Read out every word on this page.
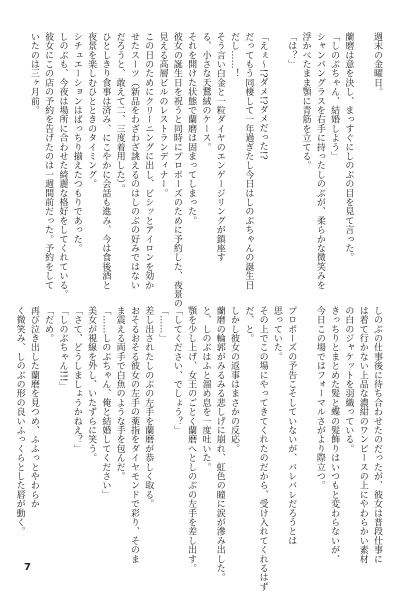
週末の金曜日。

蘭磨は意を決し、まっすぐにしのぶの目を見て言った。

「しのぶちゃん、結婚しよう」

シャンパングラスを右手に持ったしのぶが、柔らかな微笑みを

浮かべたまま顎に青筋を立てる。

「は？」

「えぇ～!?ダメ!?ダメだった!?

だってもう同棲して一年過ぎたし今日はしのぶちゃんの誕生日

だし……！

そう言い白金と一粒ダイヤのエンゲージリングが鎮座す

る、小さな天鵞絨のケース。

それを開けた状態で蘭磨は固まってしまった。

彼女の誕生日を祝うと同時にプロポーズのために予約した、夜景の

見える高層ビルのレストランディナー。

この日のためにクリーニングに出し、ビシッとアイロンを効か

せたスーツ（新品をわざわざ誂えるのはしのぶの好みではない

だろうと、敢えて二、三度着用した）。

ひとしきり食事は済み、にこやかに会話も進み、今は食後酒と

夜景を楽しむひとときのタイミング。

シチュエーションはばっちり揃えたつもりであった。

しのぶも、今夜は場所に合わせた綺麗な格好をしてくれている。

彼女にこの店の予約を告げたのは一週間前だった。予約をして

いたのは三ヶ月前。

しのぶの仕事後に待ち合わせたのだったが、彼女は普段仕事に

は着て行かない上品な濃紺のワンピースの上にやわらかい素材

の白のジャケットを羽織っている。

きっちりとまとめた髪と蝶の髪飾りはいつもと変わらないが、

今日この場ではフォーマルさがより際立つ。

プロポーズの予告こそしていないが、バレバレだろうとは

思っていた。

その上でこの場にやってきてくれたのだから、受け入れてくれるはず

だ、と。

しかし彼女の返事はまさかの反応。

蘭磨の輪郭がみるみる悲しげに崩れ、虹色の瞳に涙が滲み出した。

と、しのぶはふと溜め息を一度吐いた。

顎を少し上げ、女王のごとく蘭磨へとしのぶの左手を差し出す。

「してください、でしょう？」

「……」

差し出されたしのぶの左手を蘭磨が恭しく取る。

おそるおそる彼女の左手の薬指をダイヤモンドで彩り、そのま

ま震える両手で白魚のような手を包んだ。

「……しのぶちゃん、俺と結婚してください」

美女が視線を外し、いたずらに笑う。

「さて、どうしましょうかねえ？」

「しのぶちゃん!!!」

「だめ。

再び泣き出した蘭磨を見つめ、ふふっとやわらか

く微笑み、しのぶの形の良いふっくらとした唇が動く。

7
